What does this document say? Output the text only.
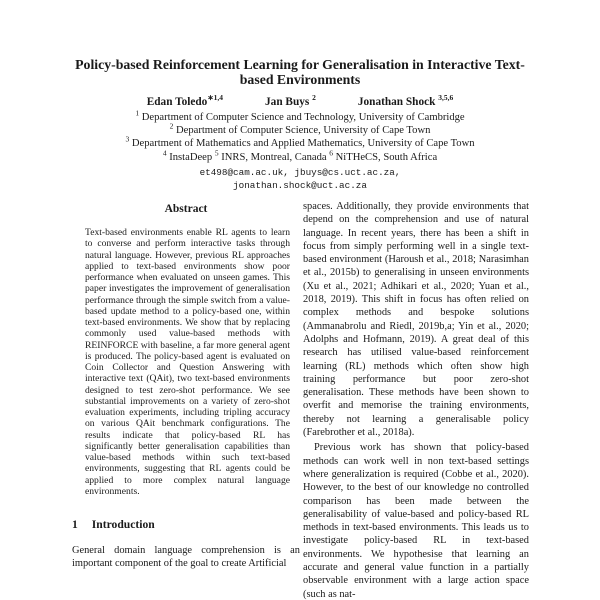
Policy-based Reinforcement Learning for Generalisation in Interactive Text-based Environments
Edan Toledo$^{∗1,4}$	Jan Buys $^2$	Jonathan Shock $^{3,5,6}$
$^1$ Department of Computer Science and Technology, University of Cambridge
$^2$ Department of Computer Science, University of Cape Town
$^3$ Department of Mathematics and Applied Mathematics, University of Cape Town
$^4$ InstaDeep $^5$ INRS, Montreal, Canada $^6$ NiTHeCS, South Africa
et498@cam.ac.uk, jbuys@cs.uct.ac.za,
jonathan.shock@uct.ac.za
Abstract

Text-based environments enable RL agents to learn to converse and perform interactive tasks through natural language. However, previous RL approaches applied to text-based environments show poor performance when evaluated on unseen games. This paper investigates the improvement of generalisation performance through the simple switch from a value-based update method to a policy-based one, within text-based environments. We show that by replacing commonly used value-based methods with REINFORCE with baseline, a far more general agent is produced. The policy-based agent is evaluated on Coin Collector and Question Answering with interactive text (QAit), two text-based environments designed to test zero-shot performance. We see substantial improvements on a variety of zero-shot evaluation experiments, including tripling accuracy on various QAit benchmark configurations. The results indicate that policy-based RL has significantly better generalisation capabilities than value-based methods within such text-based environments, suggesting that RL agents could be applied to more complex natural language environments.

1 Introduction

General domain language comprehension is an important component of the goal to create Artificial

spaces. Additionally, they provide environments that depend on the comprehension and use of natural language. In recent years, there has been a shift in focus from simply performing well in a single text-based environment (Haroush et al., 2018; Narasimhan et al., 2015b) to generalising in unseen environments (Xu et al., 2021; Adhikari et al., 2020; Yuan et al., 2018, 2019). This shift in focus has often relied on complex methods and bespoke solutions (Ammanabrolu and Riedl, 2019b,a; Yin et al., 2020; Adolphs and Hofmann, 2019). A great deal of this research has utilised value-based reinforcement learning (RL) methods which often show high training performance but poor zero-shot generalisation. These methods have been shown to overfit and memorise the training environments, thereby not learning a generalisable policy (Farebrother et al., 2018a).

Previous work has shown that policy-based methods can work well in non text-based settings where generalization is required (Cobbe et al., 2020). However, to the best of our knowledge no controlled comparison has been made between the generalisability of value-based and policy-based RL methods in text-based environments. This leads us to investigate policy-based RL in text-based environments. We hypothesise that learning an accurate and general value function in a partially observable environment with a large action space (such as nat-
